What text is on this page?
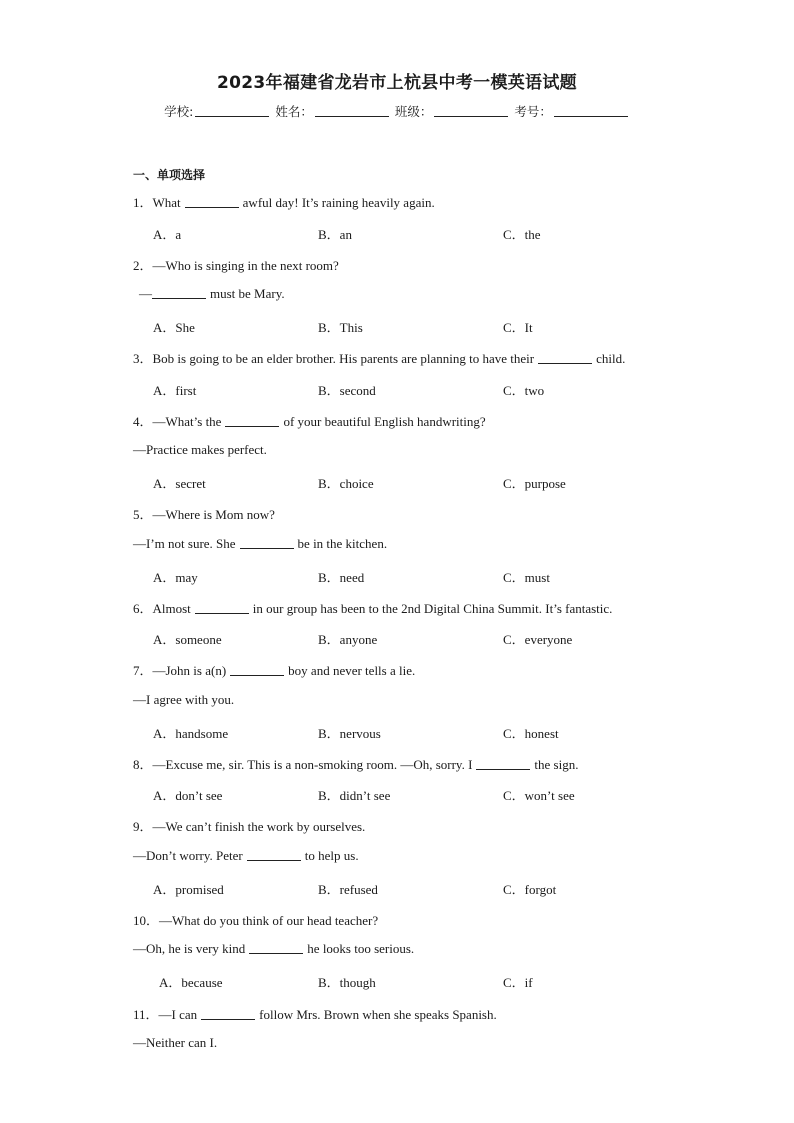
2023年福建省龙岩市上杭县中考一模英语试题
学校:	姓名：	班级：	考号：
一、单项选择
1．What	awful day! It’s raining heavily again.
A．a	B．an	C．the
2．—Who is singing in the next room?
—	must be Mary.
A．She	B．This	C．It
3．Bob is going to be an elder brother. His parents are planning to have their	child.
A．first	B．second	C．two
4．—What’s the	of your beautiful English handwriting?
—Practice makes perfect.
A．secret	B．choice	C．purpose
5．—Where is Mom now?
—I’m not sure. She	be in the kitchen.
A．may	B．need	C．must
6．Almost	in our group has been to the 2nd Digital China Summit. It’s fantastic.
A．someone	B．anyone	C．everyone
7．—John is a(n)	boy and never tells a lie.
—I agree with you.
A．handsome	B．nervous	C．honest
8．—Excuse me, sir. This is a non-smoking room. —Oh, sorry. I	the sign.
A．don’t see	B．didn’t see	C．won’t see
9．—We can’t finish the work by ourselves.
—Don’t worry. Peter	to help us.
A．promised	B．refused	C．forgot
10．—What do you think of our head teacher?
—Oh, he is very kind	he looks too serious.
A．because	B．though	C．if
11．—I can	follow Mrs. Brown when she speaks Spanish.
—Neither can I.
